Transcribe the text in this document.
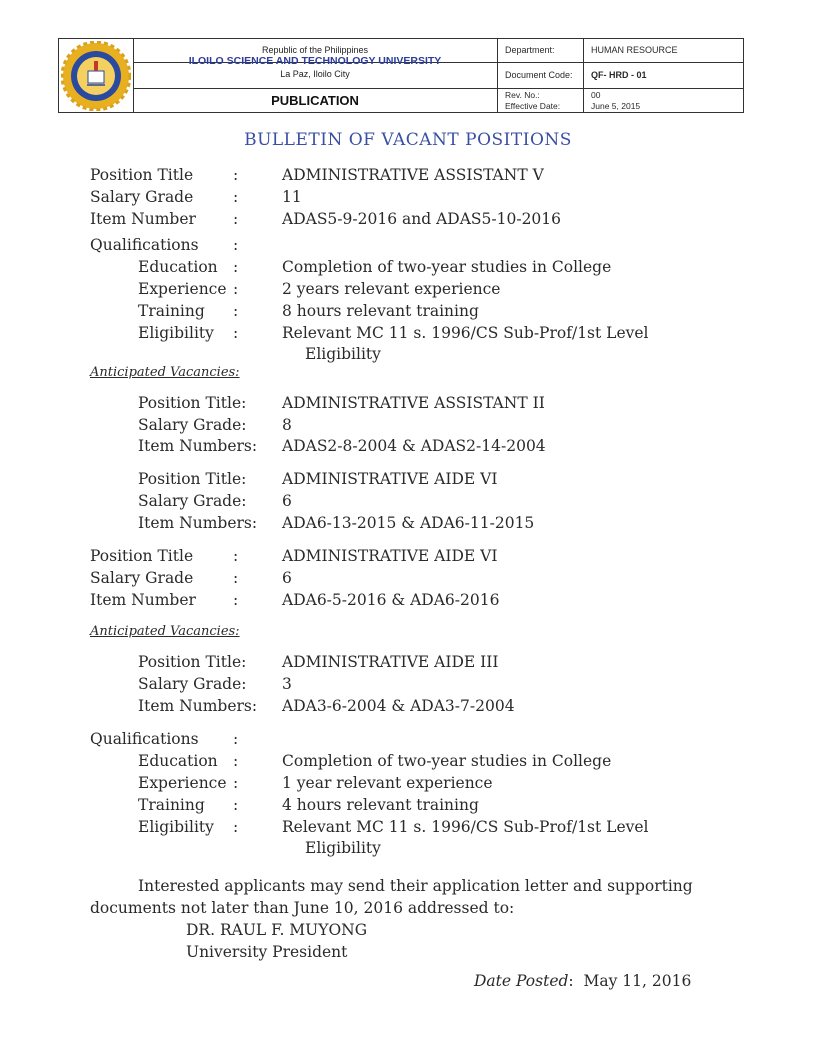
Republic of the Philippines
ILOILO SCIENCE AND TECHNOLOGY UNIVERSITY
La Paz, Iloilo City
PUBLICATION
Department:	HUMAN RESOURCE
Document Code: QF- HRD - 01
Rev. No.:	00
Effective Date:	June 5, 2015
BULLETIN OF VACANT POSITIONS
Position Title	:	ADMINISTRATIVE ASSISTANT V
Salary Grade	:	11
Item Number :	ADAS5-9-2016 and ADAS5-10-2016
Qualifications :
Education :	Completion of two-year studies in College
Experience :	2 years relevant experience
Training :	8 hours relevant training
Eligibility :	Relevant MC 11 s. 1996/CS Sub-Prof/1st Level
Eligibility
Anticipated Vacancies:
Position Title: ADMINISTRATIVE ASSISTANT II
Salary Grade: 8
Item Numbers: ADAS2-8-2004 & ADAS2-14-2004
Position Title: ADMINISTRATIVE AIDE VI
Salary Grade: 6
Item Numbers: ADA6-13-2015 & ADA6-11-2015
Position Title	:	ADMINISTRATIVE AIDE VI
Salary Grade	:	6
Item Number :	ADA6-5-2016 & ADA6-2016
Anticipated Vacancies:
Position Title: ADMINISTRATIVE AIDE III
Salary Grade: 3
Item Numbers: ADA3-6-2004 & ADA3-7-2004
Qualifications :
Education :	Completion of two-year studies in College
Experience :	1 year relevant experience
Training :	4 hours relevant training
Eligibility :	Relevant MC 11 s. 1996/CS Sub-Prof/1st Level
Eligibility
Interested applicants may send their application letter and supporting
documents not later than June 10, 2016 addressed to:
DR. RAUL F. MUYONG
University President
Date Posted: May 11, 2016
